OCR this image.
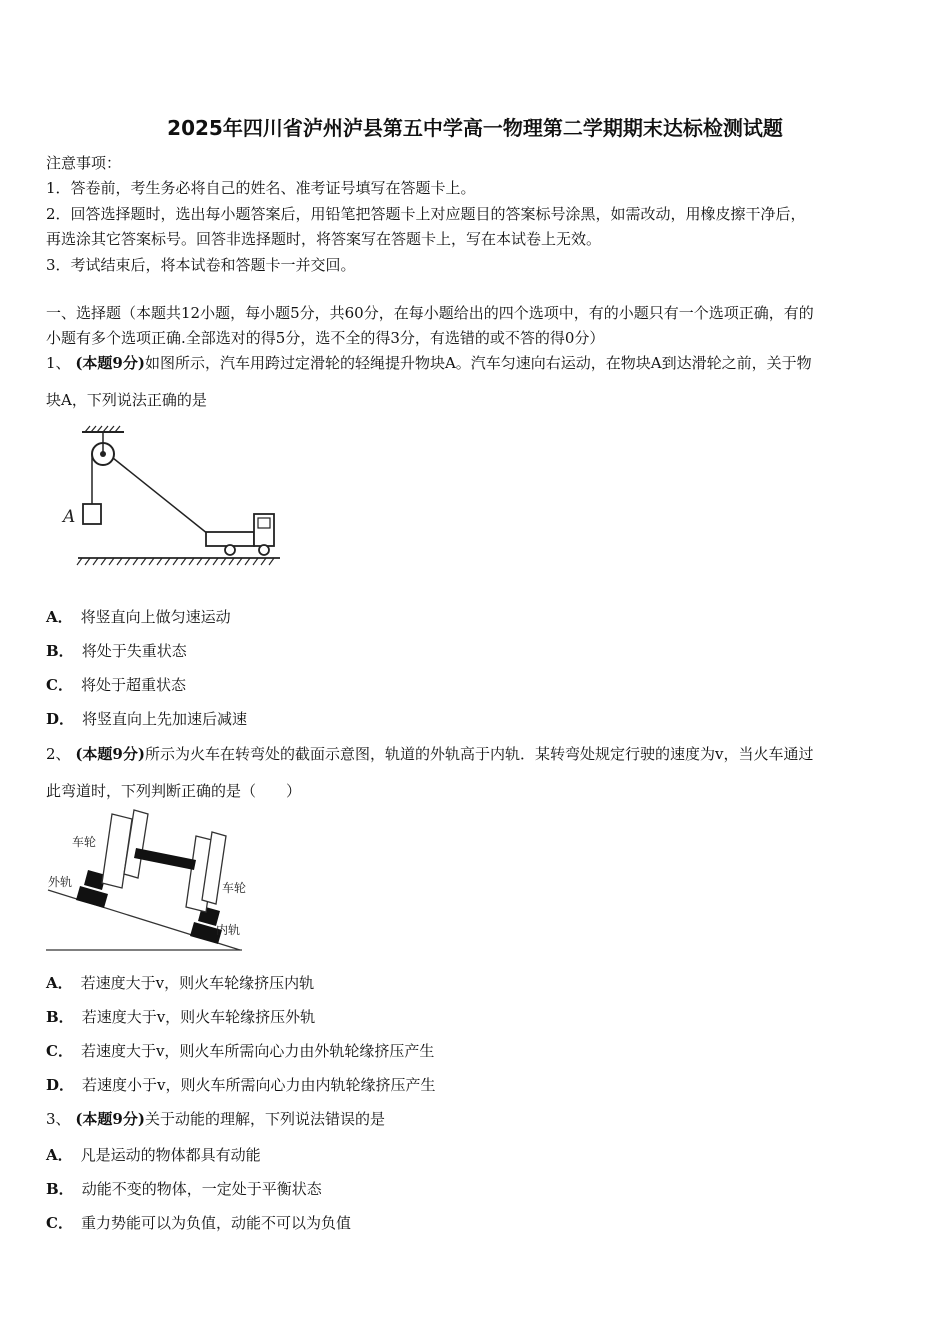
2025年四川省泸州泸县第五中学高一物理第二学期期末达标检测试题
注意事项：
1．答卷前，考生务必将自己的姓名、准考证号填写在答题卡上。
2．回答选择题时，选出每小题答案后，用铅笔把答题卡上对应题目的答案标号涂黑，如需改动，用橡皮擦干净后，
再选涂其它答案标号。回答非选择题时，将答案写在答题卡上，写在本试卷上无效。
3．考试结束后，将本试卷和答题卡一并交回。
一、选择题（本题共12小题，每小题5分，共60分，在每小题给出的四个选项中，有的小题只有一个选项正确，有的
小题有多个选项正确.全部选对的得5分，选不全的得3分，有选错的或不答的得0分）
1、 (本题9分)如图所示，汽车用跨过定滑轮的轻绳提升物块A。汽车匀速向右运动，在物块A到达滑轮之前，关于物
块A，下列说法正确的是
A
A． 将竖直向上做匀速运动
B． 将处于失重状态
C． 将处于超重状态
D． 将竖直向上先加速后减速
2、 (本题9分)所示为火车在转弯处的截面示意图，轨道的外轨高于内轨．某转弯处规定行驶的速度为v，当火车通过
此弯道时，下列判断正确的是（　　）
车轮
外轨	车轮
内轨
A． 若速度大于v，则火车轮缘挤压内轨
B． 若速度大于v，则火车轮缘挤压外轨
C． 若速度大于v，则火车所需向心力由外轨轮缘挤压产生
D． 若速度小于v，则火车所需向心力由内轨轮缘挤压产生
3、 (本题9分)关于动能的理解，下列说法错误的是
A． 凡是运动的物体都具有动能
B． 动能不变的物体，一定处于平衡状态
C． 重力势能可以为负值，动能不可以为负值
